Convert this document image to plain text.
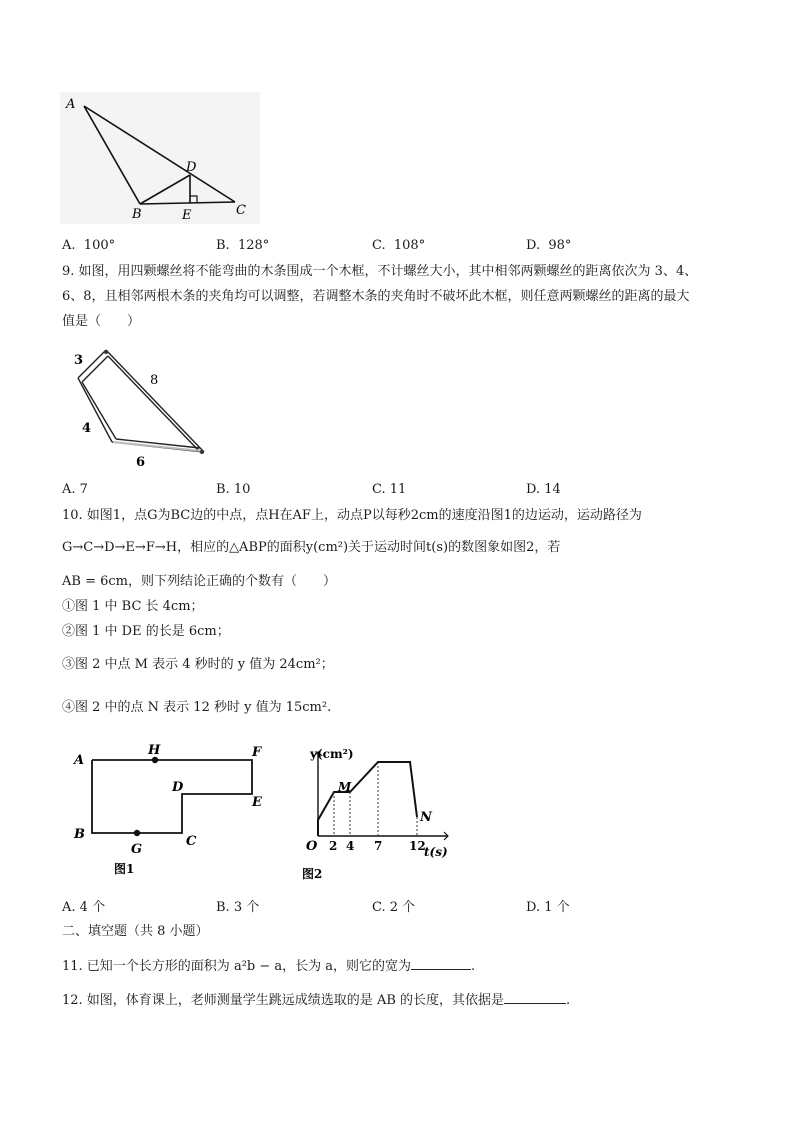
A
D
B	E	C
A. 100°	B. 128°	C. 108°	D. 98°
9. 如图，用四颗螺丝将不能弯曲的木条围成一个木框，不计螺丝大小，其中相邻两颗螺丝的距离依次为 3、4、
6、8，且相邻两根木条的夹角均可以调整，若调整木条的夹角时不破坏此木框，则任意两颗螺丝的距离的最大
值是（　　）
3
8
4
6
A. 7	B. 10	C. 11	D. 14
10. 如图1，点G为BC边的中点，点H在AF上，动点P以每秒2cm的速度沿图1的边运动，运动路径为
G→C→D→E→F→H，相应的△ABP的面积y(cm²)关于运动时间t(s)的数图象如图2，若
AB = 6cm，则下列结论正确的个数有（　　）
①图 1 中 BC 长 4cm；
②图 1 中 DE 的长是 6cm；
③图 2 中点 M 表示 4 秒时的 y 值为 24cm²；
④图 2 中的点 N 表示 12 秒时 y 值为 15cm².
A
H	F
D
E
B
G
C
图1
y(cm²)
M
N
O 2 4 7 12
t(s)
图2
A. 4 个	B. 3 个	C. 2 个	D. 1 个
二、填空题（共 8 小题）
11. 已知一个长方形的面积为 a²b − a，长为 a，则它的宽为	.
12. 如图，体育课上，老师测量学生跳远成绩选取的是 AB 的长度，其依据是	.
